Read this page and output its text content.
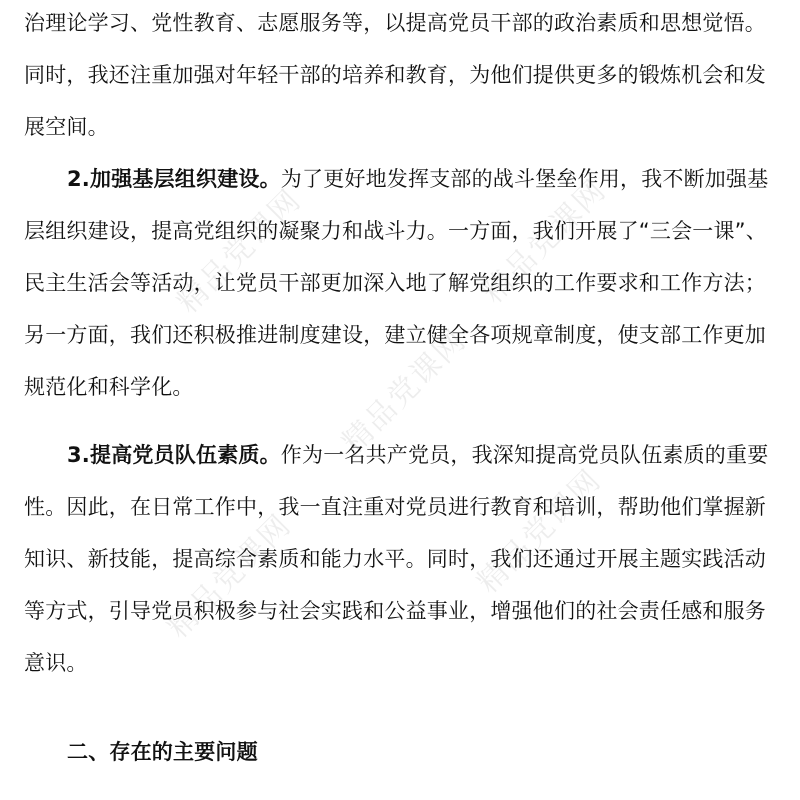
治理论学习、党性教育、志愿服务等，以提高党员干部的政治素质和思想觉悟。
同时，我还注重加强对年轻干部的培养和教育，为他们提供更多的锻炼机会和发
展空间。
2.加强基层组织建设。为了更好地发挥支部的战斗堡垒作用，我不断加强基
层组织建设，提高党组织的凝聚力和战斗力。一方面，我们开展了“三会一课”、
民主生活会等活动，让党员干部更加深入地了解党组织的工作要求和工作方法；
另一方面，我们还积极推进制度建设，建立健全各项规章制度，使支部工作更加
规范化和科学化。
3.提高党员队伍素质。作为一名共产党员，我深知提高党员队伍素质的重要
性。因此，在日常工作中，我一直注重对党员进行教育和培训，帮助他们掌握新
知识、新技能，提高综合素质和能力水平。同时，我们还通过开展主题实践活动
等方式，引导党员积极参与社会实践和公益事业，增强他们的社会责任感和服务
意识。
二、存在的主要问题
精品党课网	精品党课网
精品党课网
精品党课网	精品党课网
